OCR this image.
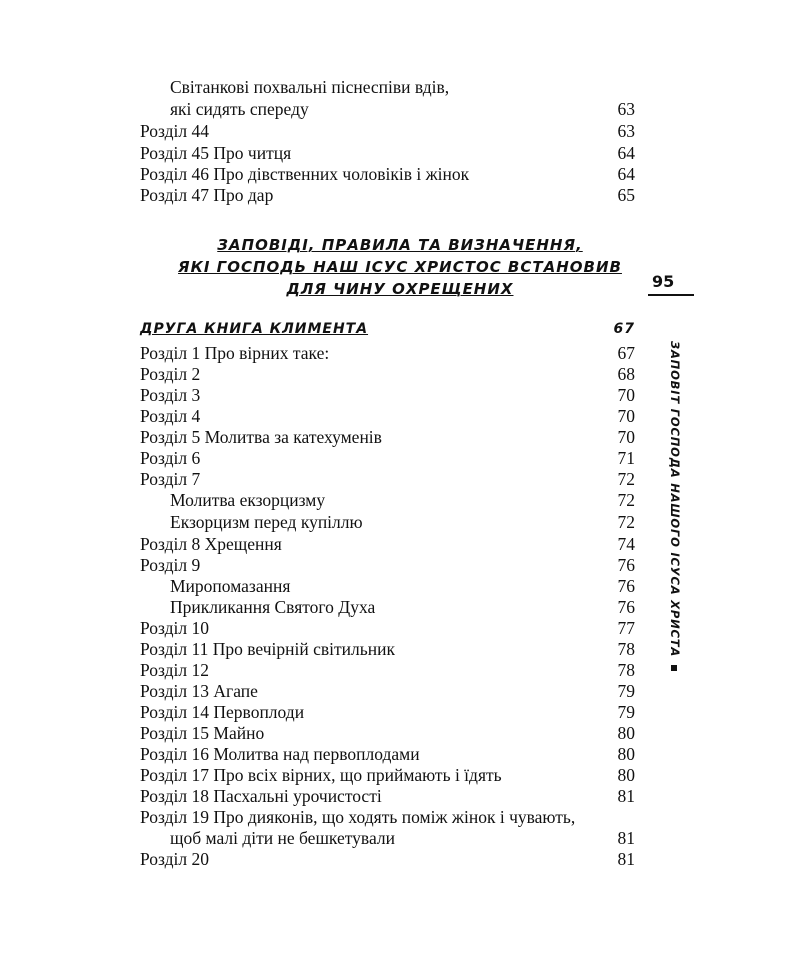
Світанкові похвальні піснеспіви вдів,
які сидять спереду	63
Розділ 44	63
Розділ 45 Про читця	64
Розділ 46 Про дівственних чоловіків і жінок	64
Розділ 47 Про дар	65
ЗАПОВІДІ, ПРАВИЛА ТА ВИЗНАЧЕННЯ,
ЯКІ ГОСПОДЬ НАШ ІСУС ХРИСТОС ВСТАНОВИВ
ДЛЯ ЧИНУ ОХРЕЩЕНИХ	95
ДРУГА КНИГА КЛИМЕНТА	67
Розділ 1 Про вірних таке:	67
Розділ 2	68
Розділ 3	70
Розділ 4	70
Розділ 5 Молитва за катехуменів	70
Розділ 6	71
Розділ 7	72
Молитва екзорцизму	72
Екзорцизм перед купіллю	72
Розділ 8 Хрещення	74
Розділ 9	76
Миропомазання	76
Прикликання Святого Духа	76
Розділ 10	77
Розділ 11 Про вечірній світильник	78
Розділ 12	78
Розділ 13 Агапе	79
Розділ 14 Первоплоди	79
Розділ 15 Майно	80
Розділ 16 Молитва над первоплодами	80
Розділ 17 Про всіх вірних, що приймають і їдять	80
Розділ 18 Пасхальні урочистості	81
Розділ 19 Про дияконів, що ходять поміж жінок і чувають,
щоб малі діти не бешкетували	81
Розділ 20	81
ЗАПОВІТ ГОСПОДА НАШОГО ІСУСА ХРИСТА
